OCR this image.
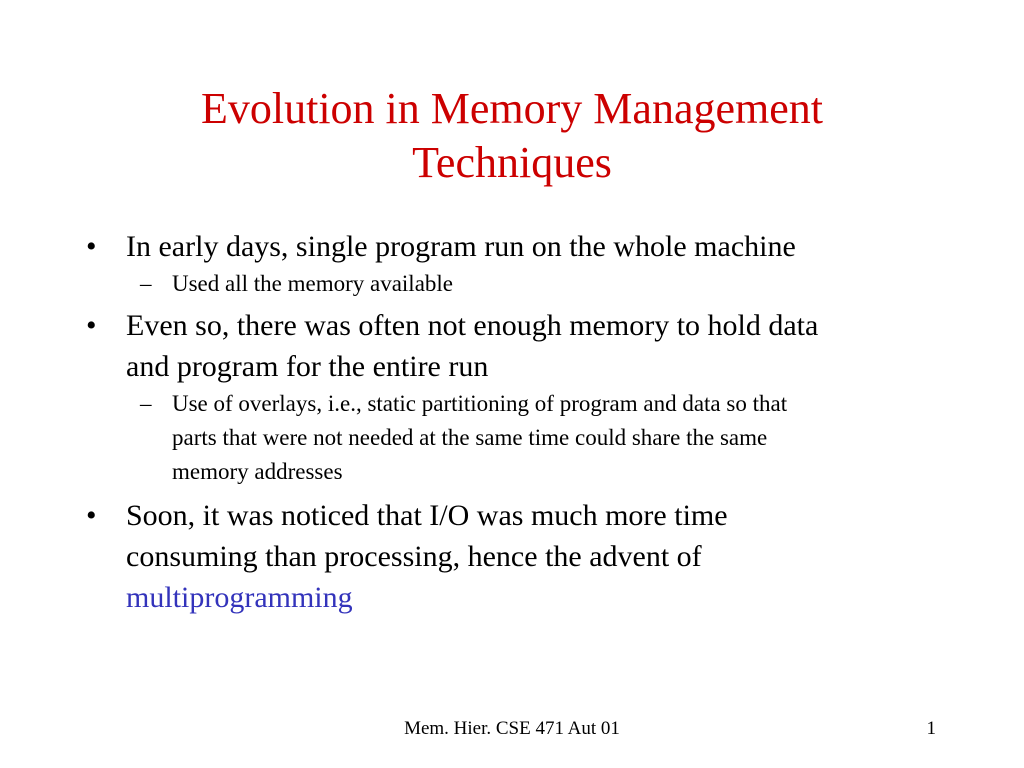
Evolution in Memory Management
Techniques
• In early days, single program run on the whole machine
– Used all the memory available
• Even so, there was often not enough memory to hold data
and program for the entire run
– Use of overlays, i.e., static partitioning of program and data so that
parts that were not needed at the same time could share the same
memory addresses
• Soon, it was noticed that I/O was much more time
consuming than processing, hence the advent of
multiprogramming
Mem. Hier. CSE 471 Aut 01	1
